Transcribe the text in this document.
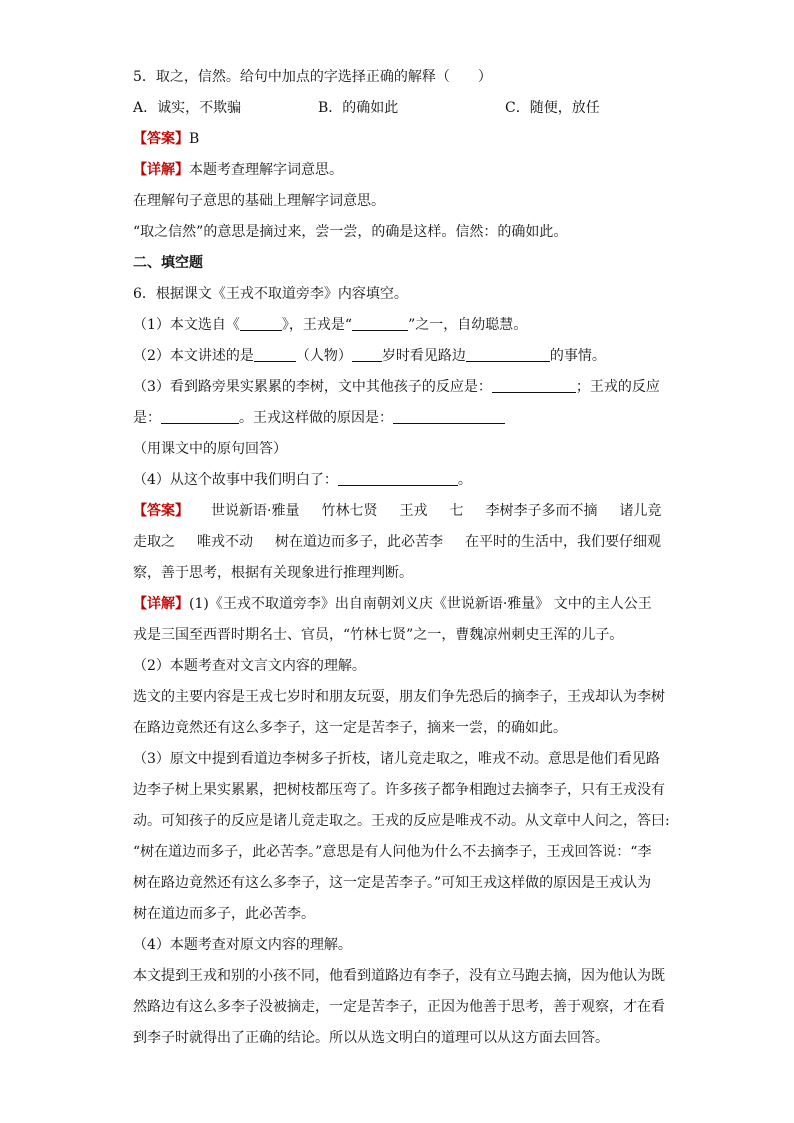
5．取之，信然。给句中加点的字选择正确的解释（　　）
A．诚实，不欺骗	B．的确如此	C．随便，放任
【答案】B
【详解】本题考查理解字词意思。
在理解句子意思的基础上理解字词意思。
“取之信然”的意思是摘过来，尝一尝，的确是这样。信然：的确如此。
二、填空题
6．根据课文《王戎不取道旁李》内容填空。
（1）本文选自《	》，王戎是“	”之一，自幼聪慧。
（2）本文讲述的是	（人物） 岁时看见路边	的事情。
（3）看到路旁果实累累的李树，文中其他孩子的反应是：	；王戎的反应
是：	。王戎这样做的原因是：
（用课文中的原句回答）
（4）从这个故事中我们明白了：	。
【答案】 世说新语·雅量 竹林七贤 王戎 七 李树李子多而不摘 诸儿竞
走取之 唯戎不动 树在道边而多子，此必苦李 在平时的生活中，我们要仔细观
察，善于思考，根据有关现象进行推理判断。
【详解】(1)《王戎不取道旁李》出自南朝刘义庆《世说新语·雅量》 文中的主人公王
戎是三国至西晋时期名士、官员，“竹林七贤”之一，曹魏凉州刺史王浑的儿子。
（2）本题考查对文言文内容的理解。
选文的主要内容是王戎七岁时和朋友玩耍，朋友们争先恐后的摘李子，王戎却认为李树
在路边竟然还有这么多李子，这一定是苦李子，摘来一尝，的确如此。
（3）原文中提到看道边李树多子折枝，诸儿竞走取之，唯戎不动。意思是他们看见路
边李子树上果实累累，把树枝都压弯了。许多孩子都争相跑过去摘李子，只有王戎没有
动。可知孩子的反应是诸儿竞走取之。王戎的反应是唯戎不动。从文章中人问之，答曰:
“树在道边而多子，此必苦李。”意思是有人问他为什么不去摘李子，王戎回答说：“李
树在路边竟然还有这么多李子，这一定是苦李子。”可知王戎这样做的原因是王戎认为
树在道边而多子，此必苦李。
（4）本题考查对原文内容的理解。
本文提到王戎和别的小孩不同，他看到道路边有李子，没有立马跑去摘，因为他认为既
然路边有这么多李子没被摘走，一定是苦李子，正因为他善于思考，善于观察，才在看
到李子时就得出了正确的结论。所以从选文明白的道理可以从这方面去回答。
